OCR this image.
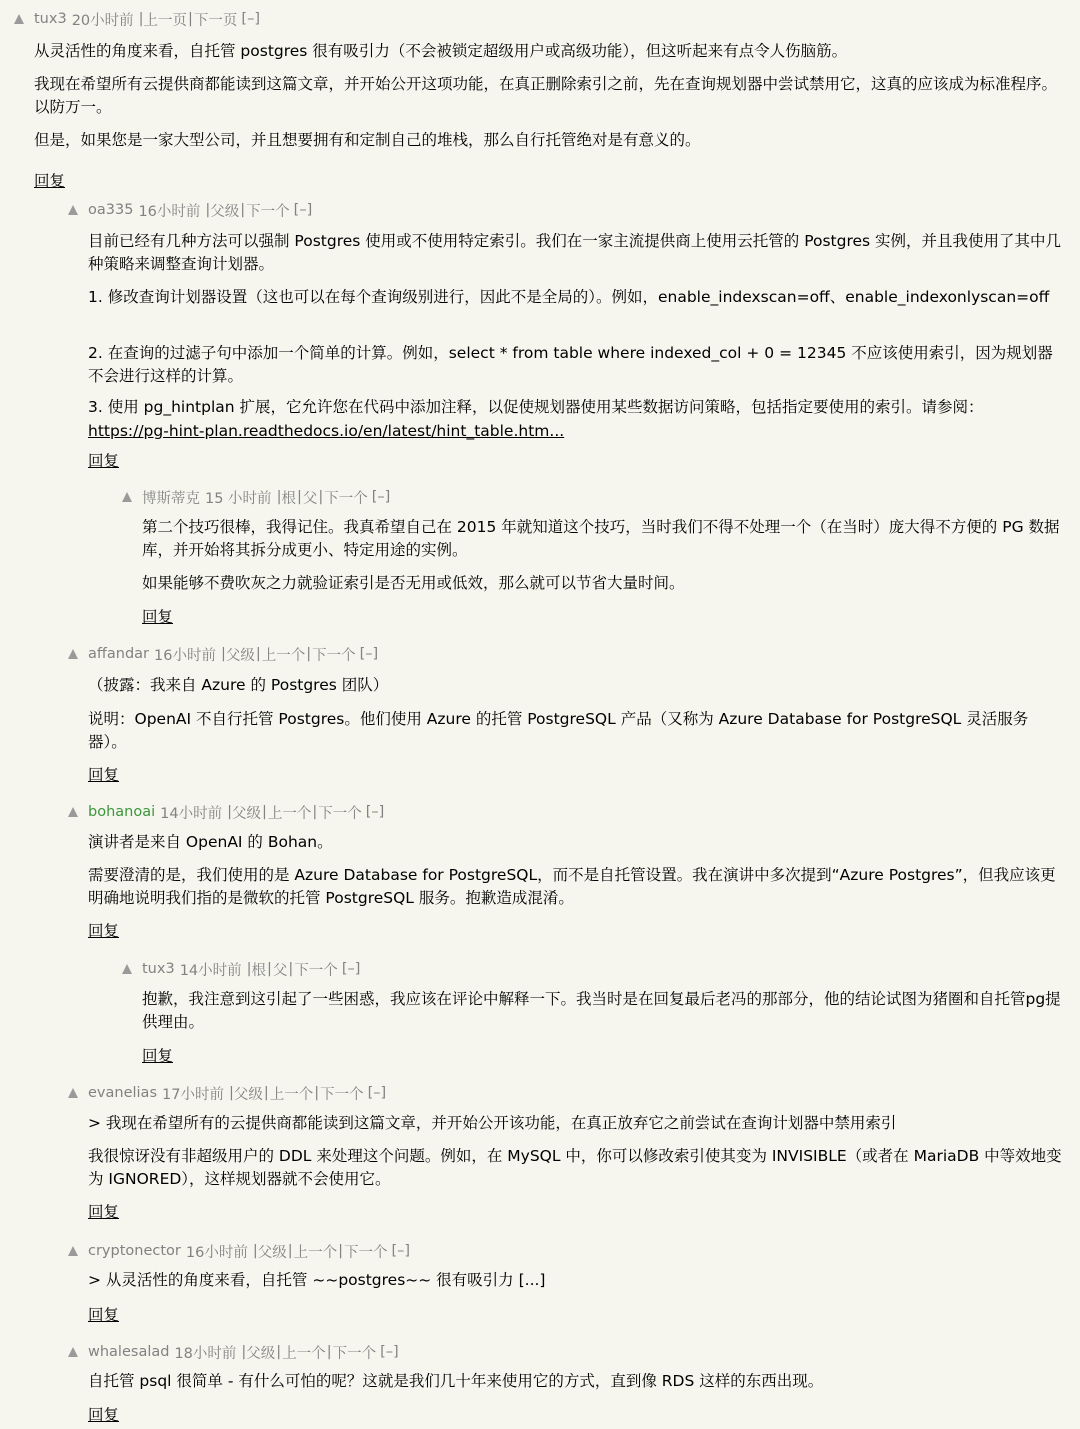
tux3 20小时前 | 上一页 | 下一页 [–]
从灵活性的角度来看，自托管 postgres 很有吸引力（不会被锁定超级用户或高级功能），但这听起来有点令人伤脑筋。
我现在希望所有云提供商都能读到这篇文章，并开始公开这项功能，在真正删除索引之前，先在查询规划器中尝试禁用它，这真的应该成为标准程序。以防万一。
但是，如果您是一家大型公司，并且想要拥有和定制自己的堆栈，那么自行托管绝对是有意义的。
回复
oa335 16小时前 | 父级 | 下一个 [–]
目前已经有几种方法可以强制 Postgres 使用或不使用特定索引。我们在一家主流提供商上使用云托管的 Postgres 实例，并且我使用了其中几种策略来调整查询计划器。
1. 修改查询计划器设置（这也可以在每个查询级别进行，因此不是全局的）。例如，enable_indexscan=off、enable_indexonlyscan=off
2. 在查询的过滤子句中添加一个简单的计算。例如，select * from table where indexed_col + 0 = 12345 不应该使用索引，因为规划器不会进行这样的计算。
3. 使用 pg_hintplan 扩展，它允许您在代码中添加注释，以促使规划器使用某些数据访问策略，包括指定要使用的索引。请参阅：
https://pg-hint-plan.readthedocs.io/en/latest/hint_table.htm...
回复
博斯蒂克 15 小时前 | 根 | 父 | 下一个 [–]
第二个技巧很棒，我得记住。我真希望自己在 2015 年就知道这个技巧，当时我们不得不处理一个（在当时）庞大得不方便的 PG 数据库，并开始将其拆分成更小、特定用途的实例。
如果能够不费吹灰之力就验证索引是否无用或低效，那么就可以节省大量时间。
回复
affandar 16小时前 | 父级 | 上一个 | 下一个 [–]
（披露：我来自 Azure 的 Postgres 团队）
说明：OpenAI 不自行托管 Postgres。他们使用 Azure 的托管 PostgreSQL 产品（又称为 Azure Database for PostgreSQL 灵活服务器）。
回复
bohanoai 14小时前 | 父级 | 上一个 | 下一个 [–]
演讲者是来自 OpenAI 的 Bohan。
需要澄清的是，我们使用的是 Azure Database for PostgreSQL，而不是自托管设置。我在演讲中多次提到“Azure Postgres”，但我应该更明确地说明我们指的是微软的托管 PostgreSQL 服务。抱歉造成混淆。
回复
tux3 14小时前 | 根 | 父 | 下一个 [–]
抱歉，我注意到这引起了一些困惑，我应该在评论中解释一下。我当时是在回复最后老冯的那部分，他的结论试图为猪圈和自托管pg提供理由。
回复
evanelias 17小时前 | 父级 | 上一个 | 下一个 [–]
> 我现在希望所有的云提供商都能读到这篇文章，并开始公开该功能，在真正放弃它之前尝试在查询计划器中禁用索引
我很惊讶没有非超级用户的 DDL 来处理这个问题。例如，在 MySQL 中，你可以修改索引使其变为 INVISIBLE（或者在 MariaDB 中等效地变为 IGNORED），这样规划器就不会使用它。
回复
cryptonector 16小时前 | 父级 | 上一个 | 下一个 [–]
> 从灵活性的角度来看，自托管 ~~postgres~~ 很有吸引力 [...]
回复
whalesalad 18小时前 | 父级 | 上一个 | 下一个 [–]
自托管 psql 很简单 - 有什么可怕的呢？这就是我们几十年来使用它的方式，直到像 RDS 这样的东西出现。
回复
